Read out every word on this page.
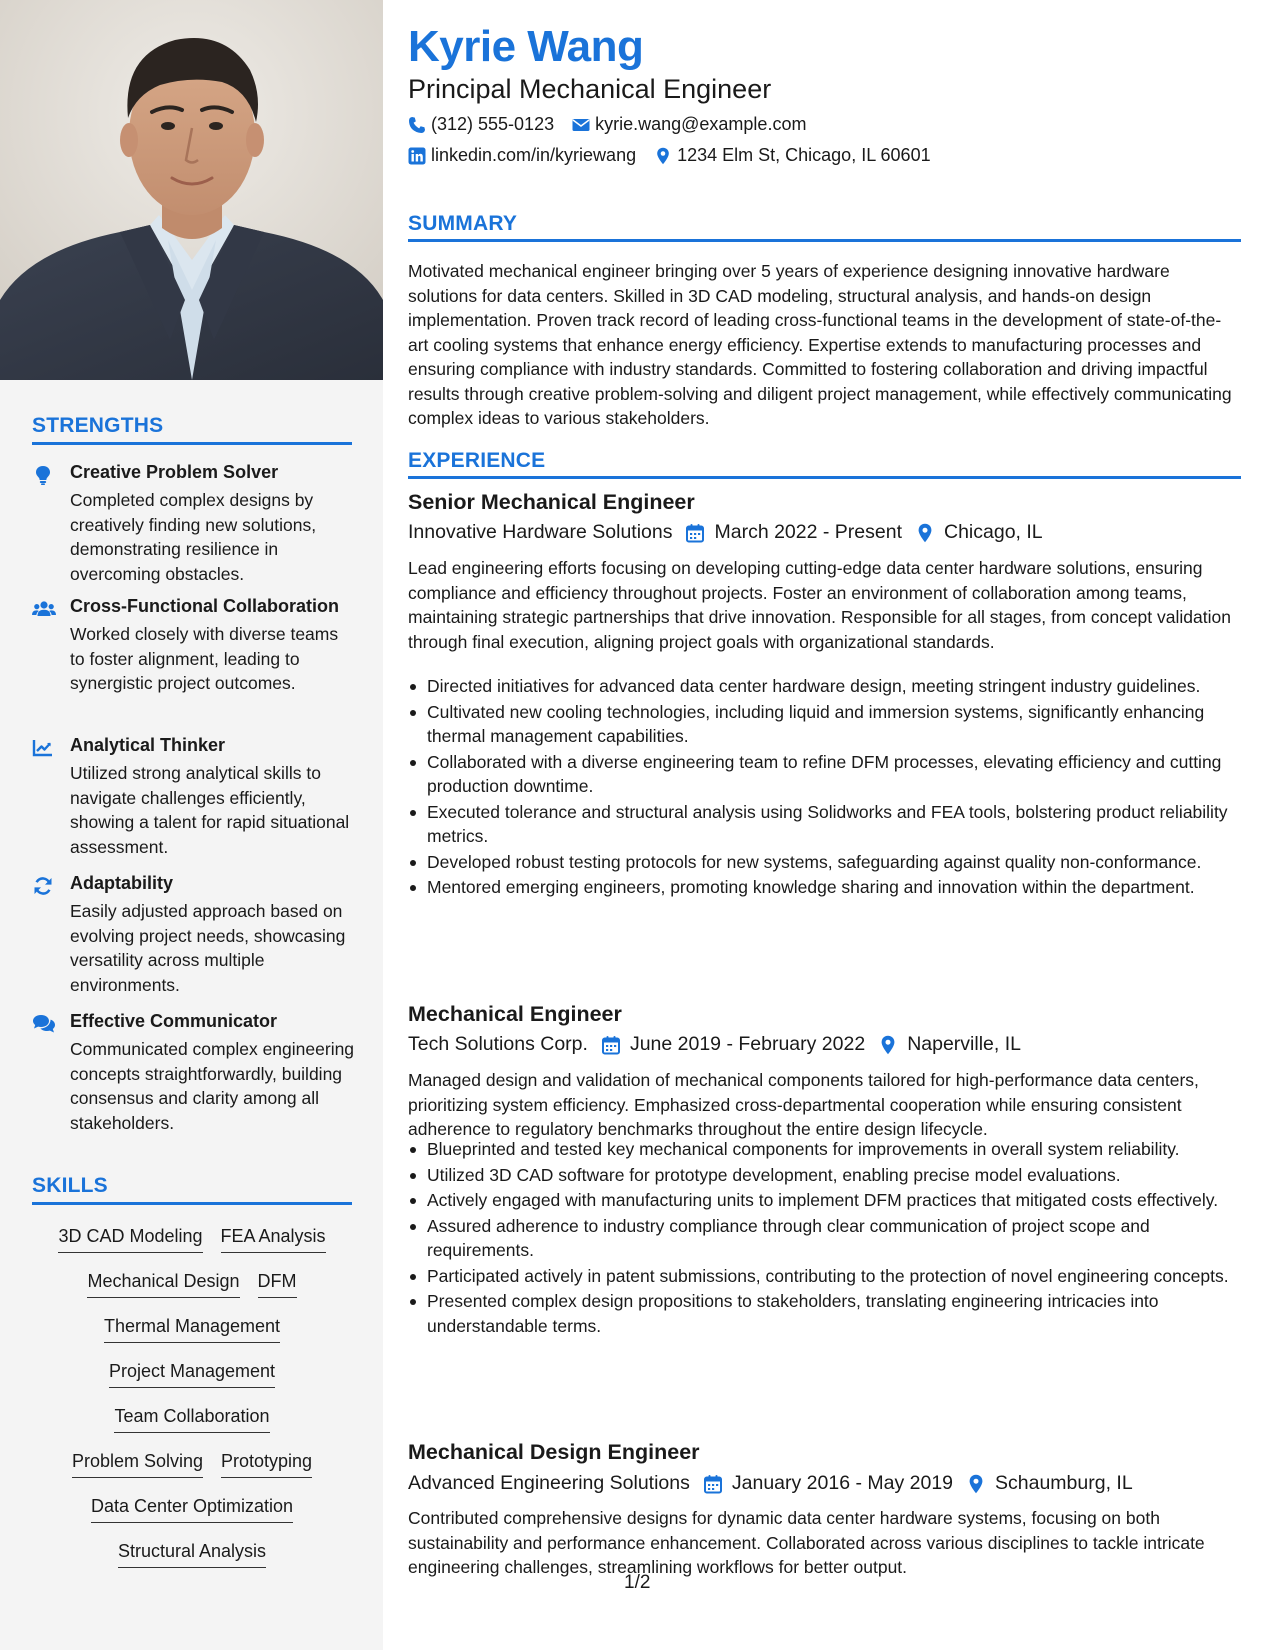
STRENGTHS
Creative Problem Solver
Completed complex designs by creatively finding new solutions, demonstrating resilience in overcoming obstacles.
Cross-Functional Collaboration
Worked closely with diverse teams to foster alignment, leading to synergistic project outcomes.
Analytical Thinker
Utilized strong analytical skills to navigate challenges efficiently, showing a talent for rapid situational assessment.
Adaptability
Easily adjusted approach based on evolving project needs, showcasing versatility across multiple environments.
Effective Communicator
Communicated complex engineering concepts straightforwardly, building consensus and clarity among all stakeholders.
SKILLS
3D CAD Modeling FEA Analysis
Mechanical Design DFM
Thermal Management
Project Management
Team Collaboration
Problem Solving Prototyping
Data Center Optimization
Structural Analysis
Kyrie Wang
Principal Mechanical Engineer
(312) 555-0123 kyrie.wang@example.com
linkedin.com/in/kyriewang 1234 Elm St, Chicago, IL 60601
SUMMARY
Motivated mechanical engineer bringing over 5 years of experience designing innovative hardware solutions for data centers. Skilled in 3D CAD modeling, structural analysis, and hands-on design implementation. Proven track record of leading cross-functional teams in the development of state-of-the-art cooling systems that enhance energy efficiency. Expertise extends to manufacturing processes and ensuring compliance with industry standards. Committed to fostering collaboration and driving impactful results through creative problem-solving and diligent project management, while effectively communicating complex ideas to various stakeholders.
EXPERIENCE
Senior Mechanical Engineer
Innovative Hardware Solutions March 2022 - Present Chicago, IL
Lead engineering efforts focusing on developing cutting-edge data center hardware solutions, ensuring compliance and efficiency throughout projects. Foster an environment of collaboration among teams, maintaining strategic partnerships that drive innovation. Responsible for all stages, from concept validation through final execution, aligning project goals with organizational standards.
Directed initiatives for advanced data center hardware design, meeting stringent industry guidelines.
Cultivated new cooling technologies, including liquid and immersion systems, significantly enhancing thermal management capabilities.
Collaborated with a diverse engineering team to refine DFM processes, elevating efficiency and cutting production downtime.
Executed tolerance and structural analysis using Solidworks and FEA tools, bolstering product reliability metrics.
Developed robust testing protocols for new systems, safeguarding against quality non-conformance.
Mentored emerging engineers, promoting knowledge sharing and innovation within the department.
Mechanical Engineer
Tech Solutions Corp. June 2019 - February 2022 Naperville, IL
Managed design and validation of mechanical components tailored for high-performance data centers, prioritizing system efficiency. Emphasized cross-departmental cooperation while ensuring consistent adherence to regulatory benchmarks throughout the entire design lifecycle.
Blueprinted and tested key mechanical components for improvements in overall system reliability.
Utilized 3D CAD software for prototype development, enabling precise model evaluations.
Actively engaged with manufacturing units to implement DFM practices that mitigated costs effectively.
Assured adherence to industry compliance through clear communication of project scope and requirements.
Participated actively in patent submissions, contributing to the protection of novel engineering concepts.
Presented complex design propositions to stakeholders, translating engineering intricacies into understandable terms.
Mechanical Design Engineer
Advanced Engineering Solutions January 2016 - May 2019 Schaumburg, IL
Contributed comprehensive designs for dynamic data center hardware systems, focusing on both sustainability and performance enhancement. Collaborated across various disciplines to tackle intricate engineering challenges, streamlining workflows for better output.
1/2
